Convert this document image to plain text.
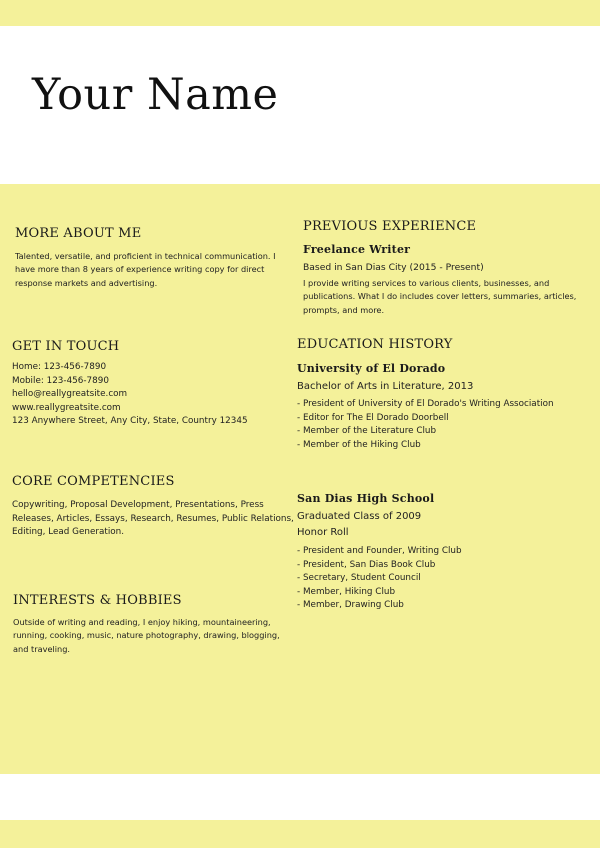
Your Name
MORE ABOUT ME

Talented, versatile, and proficient in technical communication. I have more than 8 years of experience writing copy for direct response markets and advertising.

GET IN TOUCH
Home: 123-456-7890
Mobile: 123-456-7890
hello@reallygreatsite.com
www.reallygreatsite.com
123 Anywhere Street, Any City, State, Country 12345
CORE COMPETENCIES

Copywriting, Proposal Development, Presentations, Press Releases, Articles, Essays, Research, Resumes, Public Relations, Editing, Lead Generation.

INTERESTS & HOBBIES

Outside of writing and reading, I enjoy hiking, mountaineering, running, cooking, music, nature photography, drawing, blogging, and traveling.

PREVIOUS EXPERIENCE
Freelance Writer
Based in San Dias City (2015 - Present)

I provide writing services to various clients, businesses, and publications. What I do includes cover letters, summaries, articles, prompts, and more.

EDUCATION HISTORY
University of El Dorado
Bachelor of Arts in Literature, 2013
- President of University of El Dorado's Writing Association
- Editor for The El Dorado Doorbell
- Member of the Literature Club
- Member of the Hiking Club
San Dias High School
Graduated Class of 2009
Honor Roll
- President and Founder, Writing Club
- President, San Dias Book Club
- Secretary, Student Council
- Member, Hiking Club
- Member, Drawing Club
